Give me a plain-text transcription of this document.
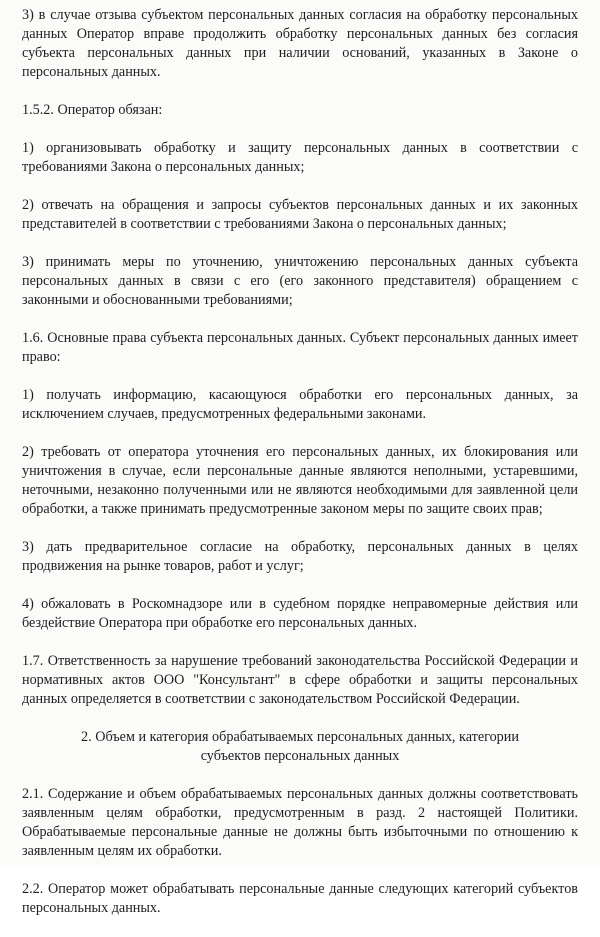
3) в случае отзыва субъектом персональных данных согласия на обработку персональных данных Оператор вправе продолжить обработку персональных данных без согласия субъекта персональных данных при наличии оснований, указанных в Законе о персональных данных.

1.5.2. Оператор обязан:

1) организовывать обработку и защиту персональных данных в соответствии с требованиями Закона о персональных данных;

2) отвечать на обращения и запросы субъектов персональных данных и их законных представителей в соответствии с требованиями Закона о персональных данных;

3) принимать меры по уточнению, уничтожению персональных данных субъекта персональных данных в связи с его (его законного представителя) обращением с законными и обоснованными требованиями;

1.6. Основные права субъекта персональных данных. Субъект персональных данных имеет право:

1) получать информацию, касающуюся обработки его персональных данных, за исключением случаев, предусмотренных федеральными законами.

2) требовать от оператора уточнения его персональных данных, их блокирования или уничтожения в случае, если персональные данные являются неполными, устаревшими, неточными, незаконно полученными или не являются необходимыми для заявленной цели обработки, а также принимать предусмотренные законом меры по защите своих прав;

3) дать предварительное согласие на обработку, персональных данных в целях продвижения на рынке товаров, работ и услуг;

4) обжаловать в Роскомнадзоре или в судебном порядке неправомерные действия или бездействие Оператора при обработке его персональных данных.

1.7. Ответственность за нарушение требований законодательства Российской Федерации и нормативных актов ООО "Консультант" в сфере обработки и защиты персональных данных определяется в соответствии с законодательством Российской Федерации.

2. Объем и категория обрабатываемых персональных данных, категории субъектов персональных данных

2.1. Содержание и объем обрабатываемых персональных данных должны соответствовать заявленным целям обработки, предусмотренным в разд. 2 настоящей Политики. Обрабатываемые персональные данные не должны быть избыточными по отношению к заявленным целям их обработки.

2.2. Оператор может обрабатывать персональные данные следующих категорий субъектов персональных данных.
